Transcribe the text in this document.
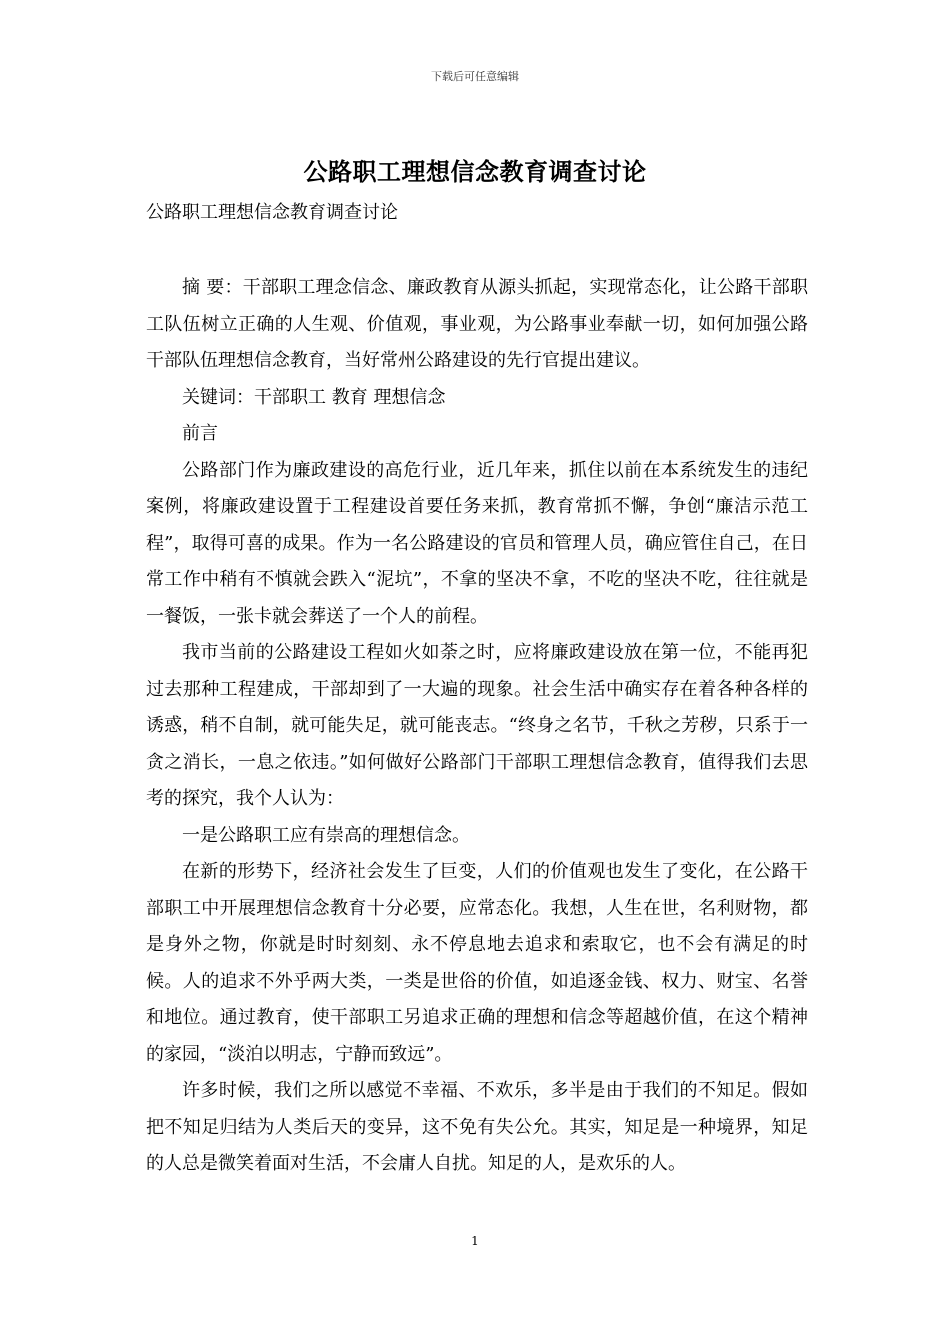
下载后可任意编辑
公路职工理想信念教育调查讨论
公路职工理想信念教育调查讨论

摘 要：干部职工理念信念、廉政教育从源头抓起，实现常态化，让公路干部职工队伍树立正确的人生观、价值观，事业观，为公路事业奉献一切，如何加强公路干部队伍理想信念教育，当好常州公路建设的先行官提出建议。

关键词：干部职工 教育 理想信念

前言

公路部门作为廉政建设的高危行业，近几年来，抓住以前在本系统发生的违纪案例，将廉政建设置于工程建设首要任务来抓，教育常抓不懈，争创“廉洁示范工程”，取得可喜的成果。作为一名公路建设的官员和管理人员，确应管住自己，在日常工作中稍有不慎就会跌入“泥坑”，不拿的坚决不拿，不吃的坚决不吃，往往就是一餐饭，一张卡就会葬送了一个人的前程。

我市当前的公路建设工程如火如荼之时，应将廉政建设放在第一位，不能再犯过去那种工程建成，干部却到了一大遍的现象。社会生活中确实存在着各种各样的诱惑，稍不自制，就可能失足，就可能丧志。“终身之名节，千秋之芳秽，只系于一贪之消长，一息之依违。”如何做好公路部门干部职工理想信念教育，值得我们去思考的探究，我个人认为：

一是公路职工应有崇高的理想信念。

在新的形势下，经济社会发生了巨变，人们的价值观也发生了变化，在公路干部职工中开展理想信念教育十分必要，应常态化。我想，人生在世，名利财物，都是身外之物，你就是时时刻刻、永不停息地去追求和索取它，也不会有满足的时候。人的追求不外乎两大类，一类是世俗的价值，如追逐金钱、权力、财宝、名誉和地位。通过教育，使干部职工另追求正确的理想和信念等超越价值，在这个精神的家园，“淡泊以明志，宁静而致远”。

许多时候，我们之所以感觉不幸福、不欢乐，多半是由于我们的不知足。假如把不知足归结为人类后天的变异，这不免有失公允。其实，知足是一种境界，知足的人总是微笑着面对生活，不会庸人自扰。知足的人，是欢乐的人。

1
